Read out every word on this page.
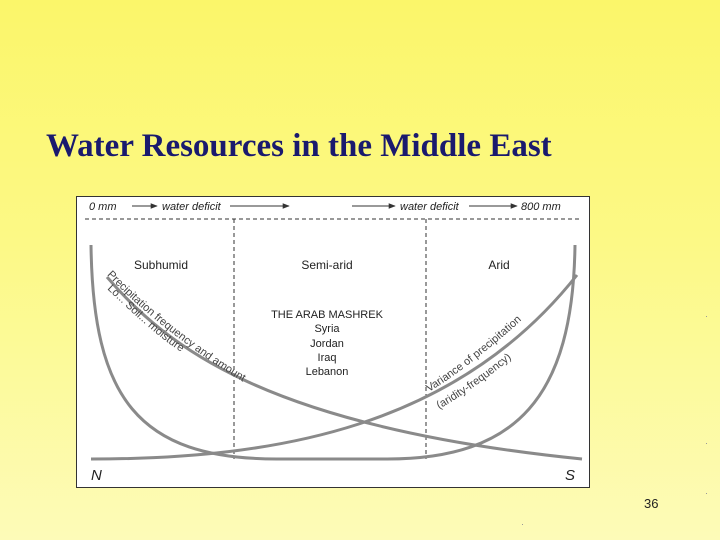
Water Resources in the Middle East
0 mm	water deficit	water deficit	800 mm
Subhumid	Semi-arid	Arid
THE ARAB MASHREK
Syria
Jordan
Iraq
Lebanon
Precipitation frequency and amount
Lo... Soil... moisture
Variance of precipitation
(aridity-frequency)
N	S
36
